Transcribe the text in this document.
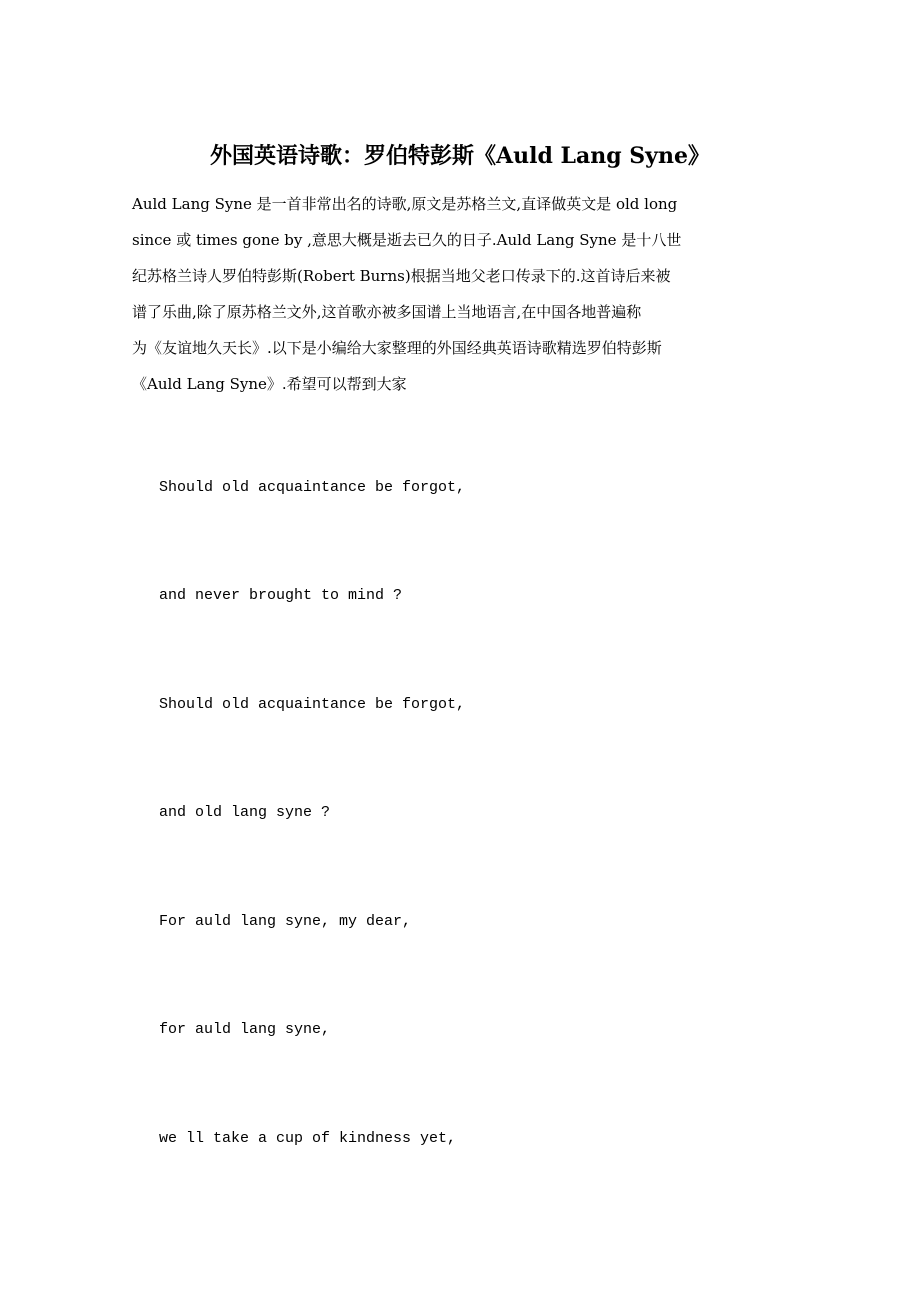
外国英语诗歌：罗伯特彭斯《Auld Lang Syne》
Auld Lang Syne 是一首非常出名的诗歌,原文是苏格兰文,直译做英文是 old long
since 或 times gone by ,意思大概是逝去已久的日子.Auld Lang Syne 是十八世
纪苏格兰诗人罗伯特彭斯(Robert Burns)根据当地父老口传录下的.这首诗后来被
谱了乐曲,除了原苏格兰文外,这首歌亦被多国谱上当地语言,在中国各地普遍称
为《友谊地久天长》.以下是小编给大家整理的外国经典英语诗歌精选罗伯特彭斯
《Auld Lang Syne》.希望可以帮到大家
Should old acquaintance be forgot,
and never brought to mind ?
Should old acquaintance be forgot,
and old lang syne ?
For auld lang syne, my dear,
for auld lang syne,
we ll take a cup of kindness yet,
